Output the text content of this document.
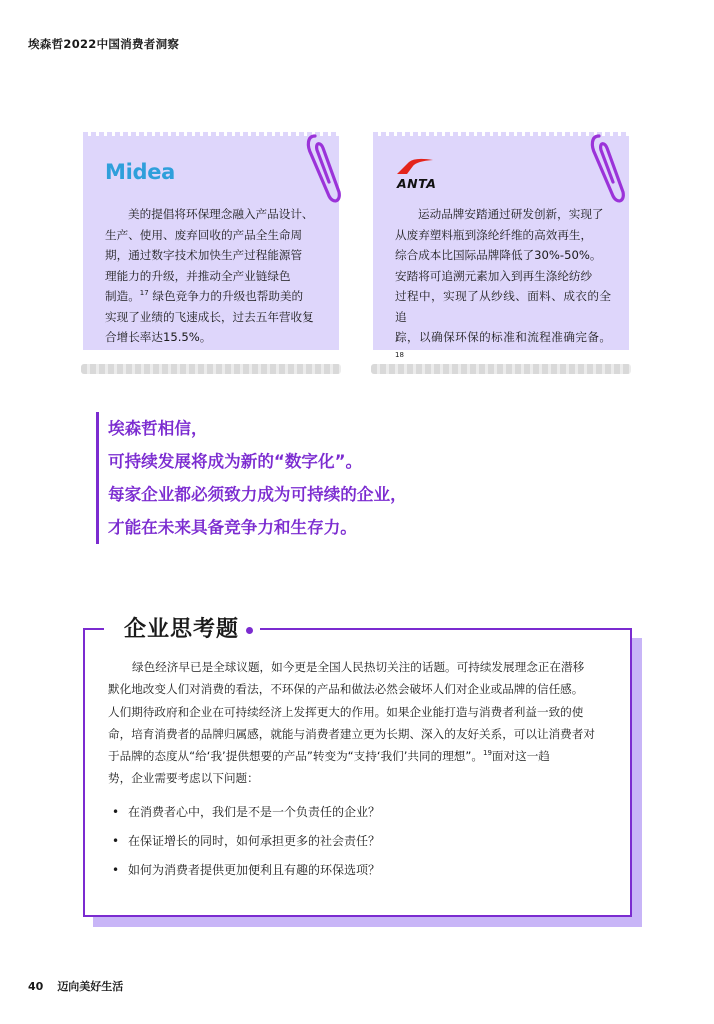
埃森哲2022中国消费者洞察
Midea
美的提倡将环保理念融入产品设计、
生产、使用、废弃回收的产品全生命周
期，通过数字技术加快生产过程能源管
理能力的升级，并推动全产业链绿色
制造。$^{17}$ 绿色竞争力的升级也帮助美的
实现了业绩的飞速成长，过去五年营收复
合增长率达15.5%。
ANTA
运动品牌安踏通过研发创新，实现了
从废弃塑料瓶到涤纶纤维的高效再生，
综合成本比国际品牌降低了30%-50%。
安踏将可追溯元素加入到再生涤纶纺纱
过程中，实现了从纱线、面料、成衣的全追
踪，以确保环保的标准和流程准确完备。$^{18}$
埃森哲相信，
可持续发展将成为新的“数字化”。
每家企业都必须致力成为可持续的企业，
才能在未来具备竞争力和生存力。
企业思考题
绿色经济早已是全球议题，如今更是全国人民热切关注的话题。可持续发展理念正在潜移
默化地改变人们对消费的看法，不环保的产品和做法必然会破坏人们对企业或品牌的信任感。
人们期待政府和企业在可持续经济上发挥更大的作用。如果企业能打造与消费者利益一致的使
命，培育消费者的品牌归属感，就能与消费者建立更为长期、深入的友好关系，可以让消费者对
于品牌的态度从“给‘我’提供想要的产品”转变为“支持‘我们’共同的理想”。$^{19}$面对这一趋
势，企业需要考虑以下问题：
• 在消费者心中，我们是不是一个负责任的企业？
• 在保证增长的同时，如何承担更多的社会责任？
• 如何为消费者提供更加便利且有趣的环保选项？
40 迈向美好生活
